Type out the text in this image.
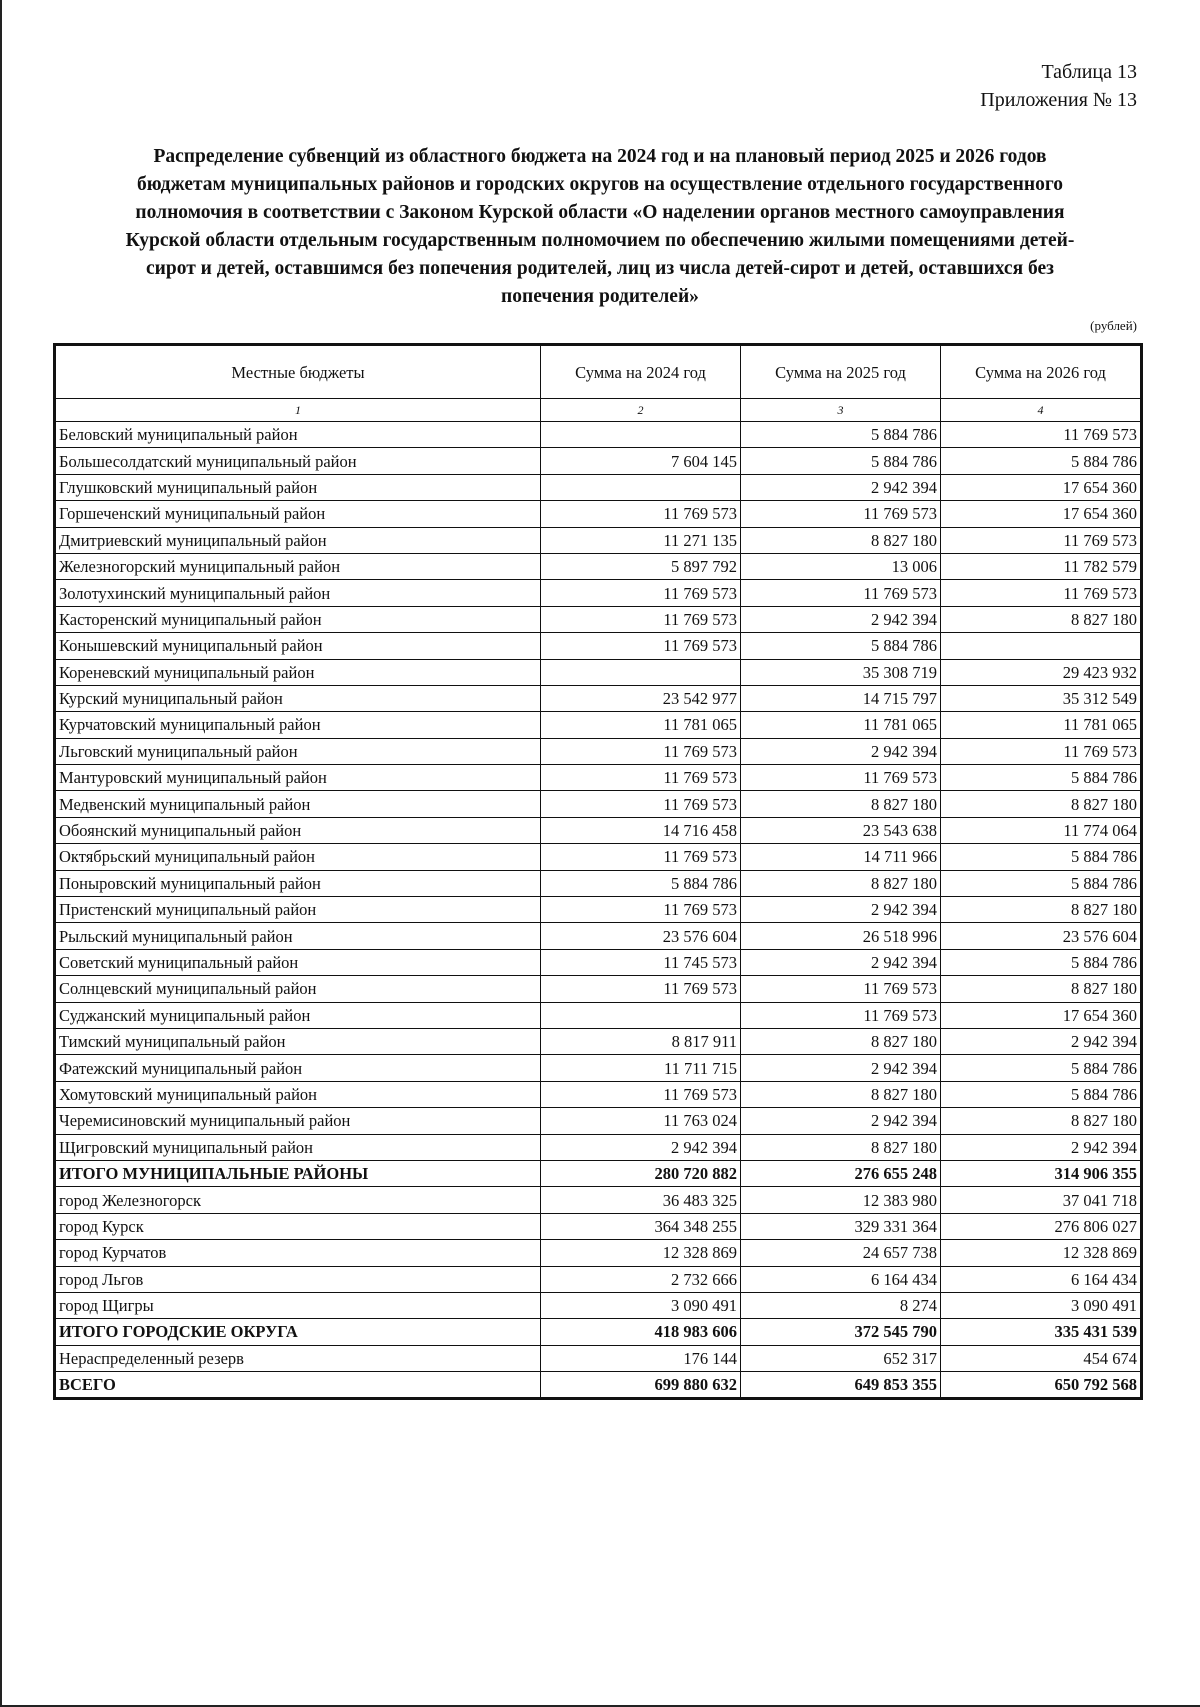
Таблица 13
Приложения № 13
Распределение субвенций из областного бюджета на 2024 год и на плановый период 2025 и 2026 годов
бюджетам муниципальных районов и городских округов на осуществление отдельного государственного
полномочия в соответствии с Законом Курской области «О наделении органов местного самоуправления
Курской области отдельным государственным полномочием по обеспечению жилыми помещениями детей-
сирот и детей, оставшимся без попечения родителей, лиц из числа детей-сирот и детей, оставшихся без
попечения родителей»
(рублей)
Местные бюджеты	Сумма на 2024 год	Сумма на 2025 год	Сумма на 2026 год
1	2	3	4
Беловский муниципальный район		5 884 786	11 769 573
Большесолдатский муниципальный район	7 604 145	5 884 786	5 884 786
Глушковский муниципальный район		2 942 394	17 654 360
Горшеченский муниципальный район	11 769 573	11 769 573	17 654 360
Дмитриевский муниципальный район	11 271 135	8 827 180	11 769 573
Железногорский муниципальный район	5 897 792	13 006	11 782 579
Золотухинский муниципальный район	11 769 573	11 769 573	11 769 573
Касторенский муниципальный район	11 769 573	2 942 394	8 827 180
Конышевский муниципальный район	11 769 573	5 884 786	
Кореневский муниципальный район		35 308 719	29 423 932
Курский муниципальный район	23 542 977	14 715 797	35 312 549
Курчатовский муниципальный район	11 781 065	11 781 065	11 781 065
Льговский муниципальный район	11 769 573	2 942 394	11 769 573
Мантуровский муниципальный район	11 769 573	11 769 573	5 884 786
Медвенский муниципальный район	11 769 573	8 827 180	8 827 180
Обоянский муниципальный район	14 716 458	23 543 638	11 774 064
Октябрьский муниципальный район	11 769 573	14 711 966	5 884 786
Поныровский муниципальный район	5 884 786	8 827 180	5 884 786
Пристенский муниципальный район	11 769 573	2 942 394	8 827 180
Рыльский муниципальный район	23 576 604	26 518 996	23 576 604
Советский муниципальный район	11 745 573	2 942 394	5 884 786
Солнцевский муниципальный район	11 769 573	11 769 573	8 827 180
Суджанский муниципальный район		11 769 573	17 654 360
Тимский муниципальный район	8 817 911	8 827 180	2 942 394
Фатежский муниципальный район	11 711 715	2 942 394	5 884 786
Хомутовский муниципальный район	11 769 573	8 827 180	5 884 786
Черемисиновский муниципальный район	11 763 024	2 942 394	8 827 180
Щигровский муниципальный район	2 942 394	8 827 180	2 942 394
ИТОГО МУНИЦИПАЛЬНЫЕ РАЙОНЫ	280 720 882	276 655 248	314 906 355
город Железногорск	36 483 325	12 383 980	37 041 718
город Курск	364 348 255	329 331 364	276 806 027
город Курчатов	12 328 869	24 657 738	12 328 869
город Льгов	2 732 666	6 164 434	6 164 434
город Щигры	3 090 491	8 274	3 090 491
ИТОГО ГОРОДСКИЕ ОКРУГА	418 983 606	372 545 790	335 431 539
Нераспределенный резерв	176 144	652 317	454 674
ВСЕГО	699 880 632	649 853 355	650 792 568
